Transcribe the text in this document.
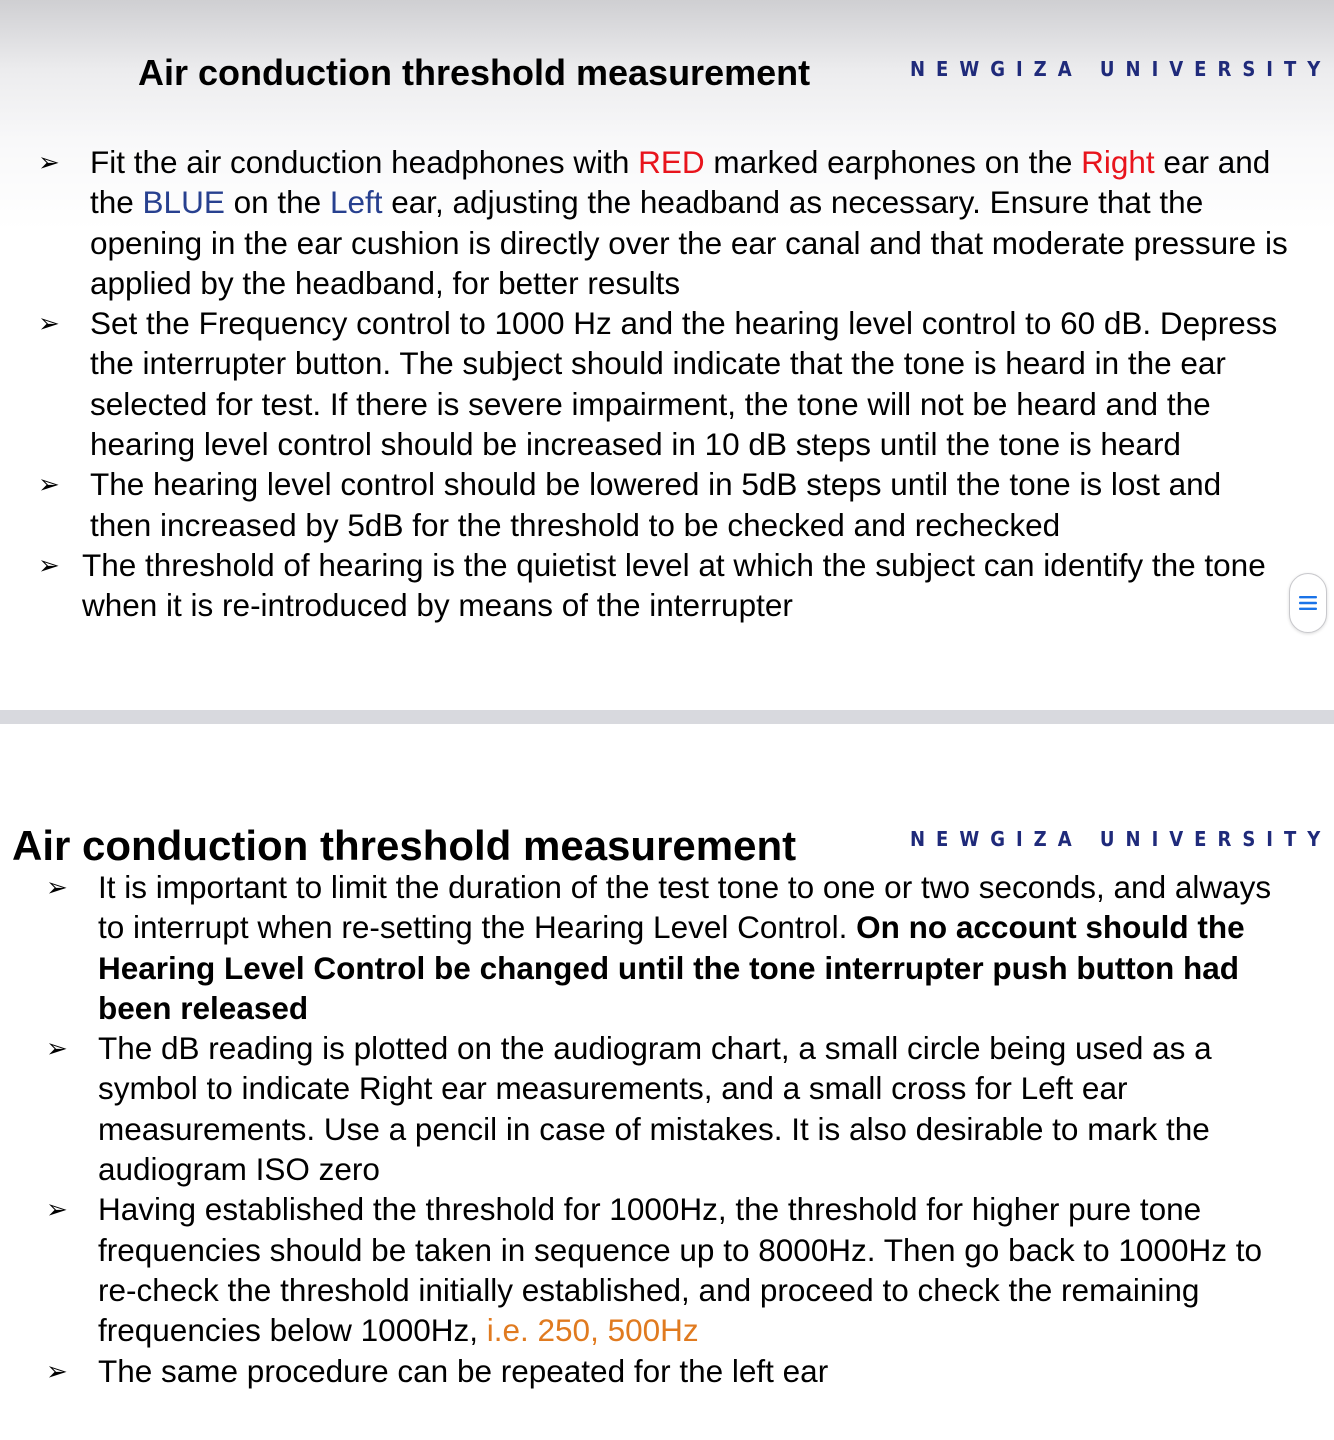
Air conduction threshold measurement	NEWGIZA UNIVERSITY
➢ Fit the air conduction headphones with RED marked earphones on the Right ear and the BLUE on the Left ear, adjusting the headband as necessary. Ensure that the opening in the ear cushion is directly over the ear canal and that moderate pressure is applied by the headband, for better results
➢ Set the Frequency control to 1000 Hz and the hearing level control to 60 dB. Depress the interrupter button. The subject should indicate that the tone is heard in the ear selected for test. If there is severe impairment, the tone will not be heard and the hearing level control should be increased in 10 dB steps until the tone is heard
➢ The hearing level control should be lowered in 5dB steps until the tone is lost and then increased by 5dB for the threshold to be checked and rechecked
➢ The threshold of hearing is the quietist level at which the subject can identify the tone when it is re-introduced by means of the interrupter
Air conduction threshold measurement	NEWGIZA UNIVERSITY
➢ It is important to limit the duration of the test tone to one or two seconds, and always to interrupt when re-setting the Hearing Level Control. On no account should the Hearing Level Control be changed until the tone interrupter push button had been released
➢ The dB reading is plotted on the audiogram chart, a small circle being used as a symbol to indicate Right ear measurements, and a small cross for Left ear measurements. Use a pencil in case of mistakes. It is also desirable to mark the audiogram ISO zero
➢ Having established the threshold for 1000Hz, the threshold for higher pure tone frequencies should be taken in sequence up to 8000Hz. Then go back to 1000Hz to re-check the threshold initially established, and proceed to check the remaining frequencies below 1000Hz, i.e. 250, 500Hz
➢ The same procedure can be repeated for the left ear
